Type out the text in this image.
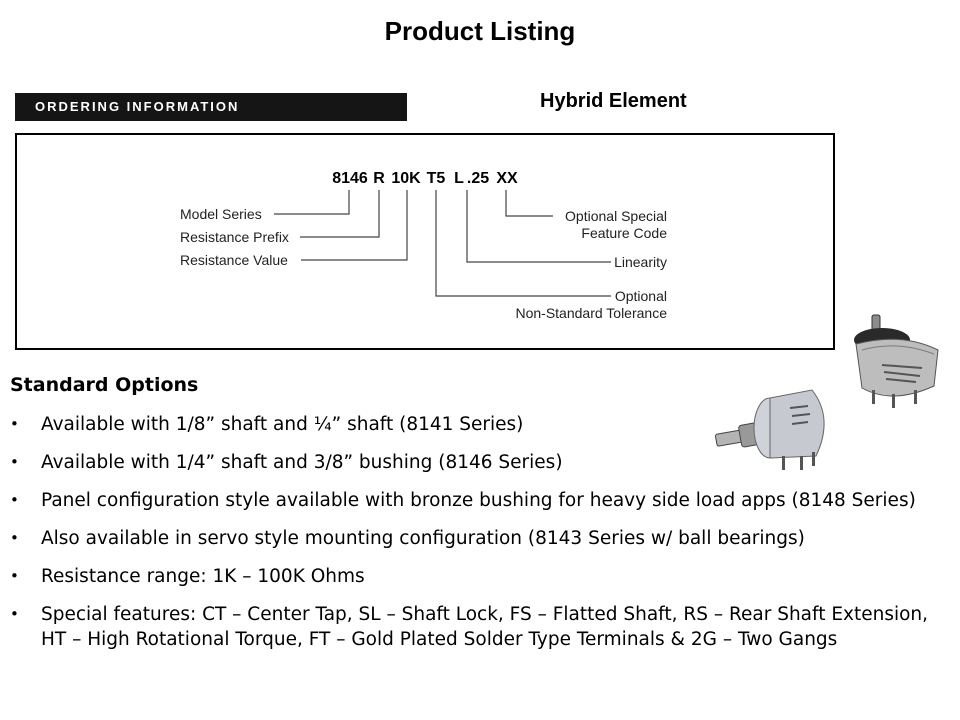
Product Listing
ORDERING INFORMATION	Hybrid Element
8146 R 10K T5 L .25 XX
Model Series
Resistance Prefix
Resistance Value
Optional Special
Feature Code
Linearity
Optional
Non-Standard Tolerance
Standard Options
• Available with 1/8” shaft and ¼” shaft (8141 Series)
• Available with 1/4” shaft and 3/8” bushing (8146 Series)
• Panel configuration style available with bronze bushing for heavy side load apps (8148 Series)
• Also available in servo style mounting configuration (8143 Series w/ ball bearings)
• Resistance range: 1K – 100K Ohms
• Special features: CT – Center Tap, SL – Shaft Lock, FS – Flatted Shaft, RS – Rear Shaft Extension, HT – High Rotational Torque, FT – Gold Plated Solder Type Terminals & 2G – Two Gangs
